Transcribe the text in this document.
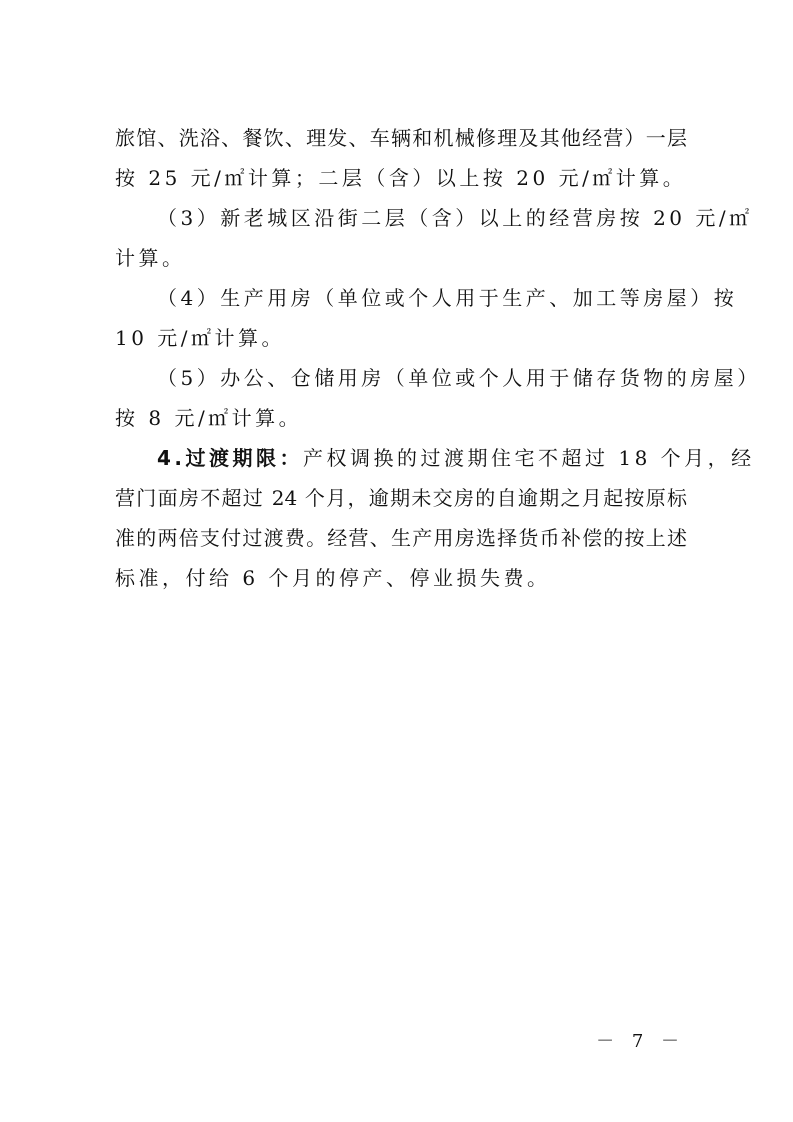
旅馆、洗浴、餐饮、理发、车辆和机械修理及其他经营）一层
按 25 元/㎡计算；二层（含）以上按 20 元/㎡计算。
（3）新老城区沿街二层（含）以上的经营房按 20 元/㎡
计算。
（4）生产用房（单位或个人用于生产、加工等房屋）按
10 元/㎡计算。
（5）办公、仓储用房（单位或个人用于储存货物的房屋）
按 8 元/㎡计算。
4.过渡期限：产权调换的过渡期住宅不超过 18 个月，经
营门面房不超过 24 个月，逾期未交房的自逾期之月起按原标
准的两倍支付过渡费。经营、生产用房选择货币补偿的按上述
标准，付给 6 个月的停产、停业损失费。
－ 7 －
